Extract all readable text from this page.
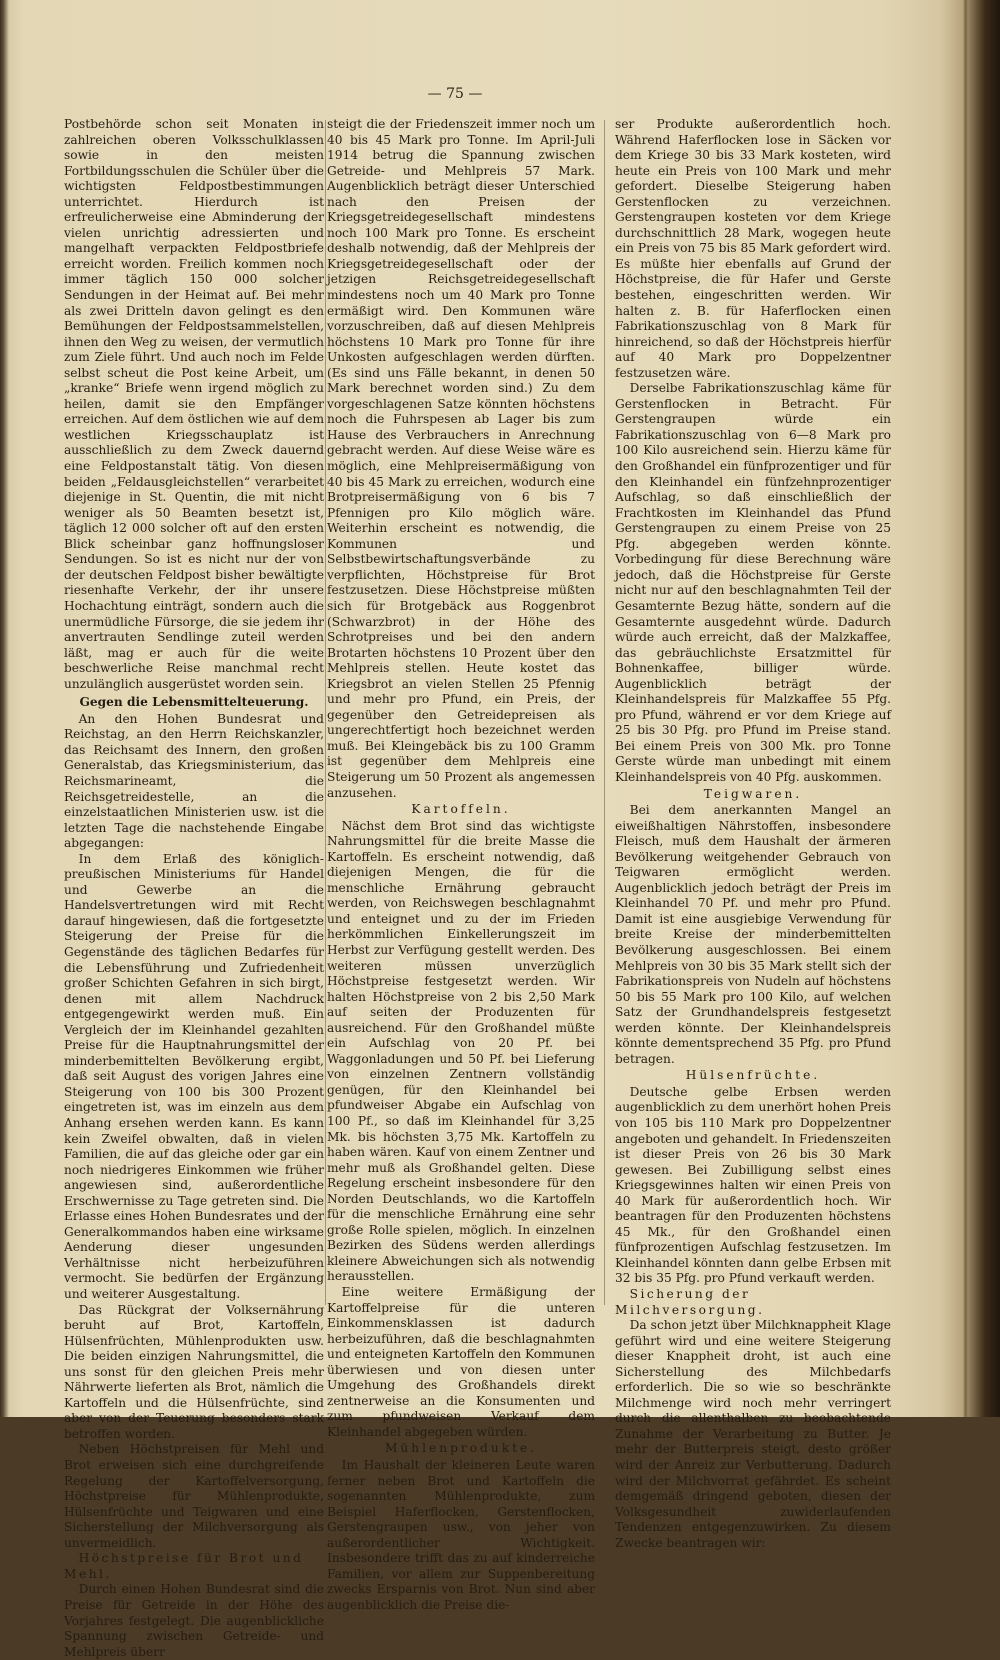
— 75 —

Postbehörde schon seit Monaten in zahlreichen oberen Volksschulklassen sowie in den meisten Fortbildungsschulen die Schüler über die wichtigsten Feldpostbestimmungen unterrichtet. Hierdurch ist erfreulicherweise eine Abminderung der vielen unrichtig adressierten und mangelhaft verpackten Feldpostbriefe erreicht worden. Freilich kommen noch immer täglich 150 000 solcher Sendungen in der Heimat auf. Bei mehr als zwei Dritteln davon gelingt es den Bemühungen der Feldpostsammelstellen, ihnen den Weg zu weisen, der vermutlich zum Ziele führt. Und auch noch im Felde selbst scheut die Post keine Arbeit, um „kranke“ Briefe wenn irgend möglich zu heilen, damit sie den Empfänger erreichen. Auf dem östlichen wie auf dem westlichen Kriegsschauplatz ist ausschließlich zu dem Zweck dauernd eine Feldpostanstalt tätig. Von diesen beiden „Feldausgleichstellen“ verarbeitet diejenige in St. Quentin, die mit nicht weniger als 50 Beamten besetzt ist, täglich 12 000 solcher oft auf den ersten Blick scheinbar ganz hoffnungsloser Sendungen. So ist es nicht nur der von der deutschen Feldpost bisher bewältigte riesenhafte Verkehr, der ihr unsere Hochachtung einträgt, sondern auch die unermüdliche Fürsorge, die sie jedem ihr anvertrauten Sendlinge zuteil werden läßt, mag er auch für die weite beschwerliche Reise manchmal recht unzulänglich ausgerüstet worden sein.

Gegen die Lebensmittelteuerung.

An den Hohen Bundesrat und Reichstag, an den Herrn Reichskanzler, das Reichsamt des Innern, den großen Generalstab, das Kriegsministerium, das Reichsmarineamt, die Reichsgetreidestelle, an die einzelstaatlichen Ministerien usw. ist die letzten Tage die nachstehende Eingabe abgegangen:

In dem Erlaß des königlich-preußischen Ministeriums für Handel und Gewerbe an die Handelsvertretungen wird mit Recht darauf hingewiesen, daß die fortgesetzte Steigerung der Preise für die Gegenstände des täglichen Bedarfes für die Lebensführung und Zufriedenheit großer Schichten Gefahren in sich birgt, denen mit allem Nachdruck entgegengewirkt werden muß. Ein Vergleich der im Kleinhandel gezahlten Preise für die Hauptnahrungsmittel der minderbemittelten Bevölkerung ergibt, daß seit August des vorigen Jahres eine Steigerung von 100 bis 300 Prozent eingetreten ist, was im einzeln aus dem Anhang ersehen werden kann. Es kann kein Zweifel obwalten, daß in vielen Familien, die auf das gleiche oder gar ein noch niedrigeres Einkommen wie früher angewiesen sind, außerordentliche Erschwernisse zu Tage getreten sind. Die Erlasse eines Hohen Bundesrates und der Generalkommandos haben eine wirksame Aenderung dieser ungesunden Verhältnisse nicht herbeizuführen vermocht. Sie bedürfen der Ergänzung und weiterer Ausgestaltung.

Das Rückgrat der Volksernährung beruht auf Brot, Kartoffeln, Hülsenfrüchten, Mühlenprodukten usw. Die beiden einzigen Nahrungsmittel, die uns sonst für den gleichen Preis mehr Nährwerte lieferten als Brot, nämlich die Kartoffeln und die Hülsenfrüchte, sind aber von der Teuerung besonders stark betroffen worden.

Neben Höchstpreisen für Mehl und Brot erweisen sich eine durchgreifende Regelung der Kartoffelversorgung, Höchstpreise für Mühlenprodukte, Hülsenfrüchte und Teigwaren und eine Sicherstellung der Milchversorgung als unvermeidlich.

Höchstpreise für Brot und Mehl.

Durch einen Hohen Bundesrat sind die Preise für Getreide in der Höhe des Vorjahres festgelegt. Die augenblickliche Spannung zwischen Getreide- und Mehlpreis überr

steigt die der Friedenszeit immer noch um 40 bis 45 Mark pro Tonne. Im April-Juli 1914 betrug die Spannung zwischen Getreide- und Mehlpreis 57 Mark. Augenblicklich beträgt dieser Unterschied nach den Preisen der Kriegsgetreidegesellschaft mindestens noch 100 Mark pro Tonne. Es erscheint deshalb notwendig, daß der Mehlpreis der Kriegsgetreidegesellschaft oder der jetzigen Reichsgetreidegesellschaft mindestens noch um 40 Mark pro Tonne ermäßigt wird. Den Kommunen wäre vorzuschreiben, daß auf diesen Mehlpreis höchstens 10 Mark pro Tonne für ihre Unkosten aufgeschlagen werden dürften. (Es sind uns Fälle bekannt, in denen 50 Mark berechnet worden sind.) Zu dem vorgeschlagenen Satze könnten höchstens noch die Fuhrspesen ab Lager bis zum Hause des Verbrauchers in Anrechnung gebracht werden. Auf diese Weise wäre es möglich, eine Mehlpreisermäßigung von 40 bis 45 Mark zu erreichen, wodurch eine Brotpreisermäßigung von 6 bis 7 Pfennigen pro Kilo möglich wäre. Weiterhin erscheint es notwendig, die Kommunen und Selbstbewirtschaftungsverbände zu verpflichten, Höchstpreise für Brot festzusetzen. Diese Höchstpreise müßten sich für Brotgebäck aus Roggenbrot (Schwarzbrot) in der Höhe des Schrotpreises und bei den andern Brotarten höchstens 10 Prozent über den Mehlpreis stellen. Heute kostet das Kriegsbrot an vielen Stellen 25 Pfennig und mehr pro Pfund, ein Preis, der gegenüber den Getreidepreisen als ungerechtfertigt hoch bezeichnet werden muß. Bei Kleingebäck bis zu 100 Gramm ist gegenüber dem Mehlpreis eine Steigerung um 50 Prozent als angemessen anzusehen.

Kartoffeln.

Nächst dem Brot sind das wichtigste Nahrungsmittel für die breite Masse die Kartoffeln. Es erscheint notwendig, daß diejenigen Mengen, die für die menschliche Ernährung gebraucht werden, von Reichswegen beschlagnahmt und enteignet und zu der im Frieden herkömmlichen Einkellerungszeit im Herbst zur Verfügung gestellt werden. Des weiteren müssen unverzüglich Höchstpreise festgesetzt werden. Wir halten Höchstpreise von 2 bis 2,50 Mark auf seiten der Produzenten für ausreichend. Für den Großhandel müßte ein Aufschlag von 20 Pf. bei Waggonladungen und 50 Pf. bei Lieferung von einzelnen Zentnern vollständig genügen, für den Kleinhandel bei pfundweiser Abgabe ein Aufschlag von 100 Pf., so daß im Kleinhandel für 3,25 Mk. bis höchsten 3,75 Mk. Kartoffeln zu haben wären. Kauf von einem Zentner und mehr muß als Großhandel gelten. Diese Regelung erscheint insbesondere für den Norden Deutschlands, wo die Kartoffeln für die menschliche Ernährung eine sehr große Rolle spielen, möglich. In einzelnen Bezirken des Südens werden allerdings kleinere Abweichungen sich als notwendig herausstellen.

Eine weitere Ermäßigung der Kartoffelpreise für die unteren Einkommensklassen ist dadurch herbeizuführen, daß die beschlagnahmten und enteigneten Kartoffeln den Kommunen überwiesen und von diesen unter Umgehung des Großhandels direkt zentnerweise an die Konsumenten und zum pfundweisen Verkauf dem Kleinhandel abgegeben würden.

Mühlenprodukte.

Im Haushalt der kleineren Leute waren ferner neben Brot und Kartoffeln die sogenannten Mühlenprodukte, zum Beispiel Haferflocken, Gerstenflocken, Gerstengraupen usw., von jeher von außerordentlicher Wichtigkeit. Insbesondere trifft das zu auf kinderreiche Familien, vor allem zur Suppenbereitung zwecks Ersparnis von Brot. Nun sind aber augenblicklich die Preise die-

ser Produkte außerordentlich hoch. Während Haferflocken lose in Säcken vor dem Kriege 30 bis 33 Mark kosteten, wird heute ein Preis von 100 Mark und mehr gefordert. Dieselbe Steigerung haben Gerstenflocken zu verzeichnen. Gerstengraupen kosteten vor dem Kriege durchschnittlich 28 Mark, wogegen heute ein Preis von 75 bis 85 Mark gefordert wird. Es müßte hier ebenfalls auf Grund der Höchstpreise, die für Hafer und Gerste bestehen, eingeschritten werden. Wir halten z. B. für Haferflocken einen Fabrikationszuschlag von 8 Mark für hinreichend, so daß der Höchstpreis hierfür auf 40 Mark pro Doppelzentner festzusetzen wäre.

Derselbe Fabrikationszuschlag käme für Gerstenflocken in Betracht. Für Gerstengraupen würde ein Fabrikationszuschlag von 6—8 Mark pro 100 Kilo ausreichend sein. Hierzu käme für den Großhandel ein fünfprozentiger und für den Kleinhandel ein fünfzehnprozentiger Aufschlag, so daß einschließlich der Frachtkosten im Kleinhandel das Pfund Gerstengraupen zu einem Preise von 25 Pfg. abgegeben werden könnte. Vorbedingung für diese Berechnung wäre jedoch, daß die Höchstpreise für Gerste nicht nur auf den beschlagnahmten Teil der Gesamternte Bezug hätte, sondern auf die Gesamternte ausgedehnt würde. Dadurch würde auch erreicht, daß der Malzkaffee, das gebräuchlichste Ersatzmittel für Bohnenkaffee, billiger würde. Augenblicklich beträgt der Kleinhandelspreis für Malzkaffee 55 Pfg. pro Pfund, während er vor dem Kriege auf 25 bis 30 Pfg. pro Pfund im Preise stand. Bei einem Preis von 300 Mk. pro Tonne Gerste würde man unbedingt mit einem Kleinhandelspreis von 40 Pfg. auskommen.

Teigwaren.

Bei dem anerkannten Mangel an eiweißhaltigen Nährstoffen, insbesondere Fleisch, muß dem Haushalt der ärmeren Bevölkerung weitgehender Gebrauch von Teigwaren ermöglicht werden. Augenblicklich jedoch beträgt der Preis im Kleinhandel 70 Pf. und mehr pro Pfund. Damit ist eine ausgiebige Verwendung für breite Kreise der minderbemittelten Bevölkerung ausgeschlossen. Bei einem Mehlpreis von 30 bis 35 Mark stellt sich der Fabrikationspreis von Nudeln auf höchstens 50 bis 55 Mark pro 100 Kilo, auf welchen Satz der Grundhandelspreis festgesetzt werden könnte. Der Kleinhandelspreis könnte dementsprechend 35 Pfg. pro Pfund betragen.

Hülsenfrüchte.

Deutsche gelbe Erbsen werden augenblicklich zu dem unerhört hohen Preis von 105 bis 110 Mark pro Doppelzentner angeboten und gehandelt. In Friedenszeiten ist dieser Preis von 26 bis 30 Mark gewesen. Bei Zubilligung selbst eines Kriegsgewinnes halten wir einen Preis von 40 Mark für außerordentlich hoch. Wir beantragen für den Produzenten höchstens 45 Mk., für den Großhandel einen fünfprozentigen Aufschlag festzusetzen. Im Kleinhandel könnten dann gelbe Erbsen mit 32 bis 35 Pfg. pro Pfund verkauft werden.

Sicherung der Milchversorgung.

Da schon jetzt über Milchknappheit Klage geführt wird und eine weitere Steigerung dieser Knappheit droht, ist auch eine Sicherstellung des Milchbedarfs erforderlich. Die so wie so beschränkte Milchmenge wird noch mehr verringert durch die allenthalben zu beobachtende Zunahme der Verarbeitung zu Butter. Je mehr der Butterpreis steigt, desto größer wird der Anreiz zur Verbutterung. Dadurch wird der Milchvorrat gefährdet. Es scheint demgemäß dringend geboten, diesen der Volksgesundheit zuwiderlaufenden Tendenzen entgegenzuwirken. Zu diesem Zwecke beantragen wir:
